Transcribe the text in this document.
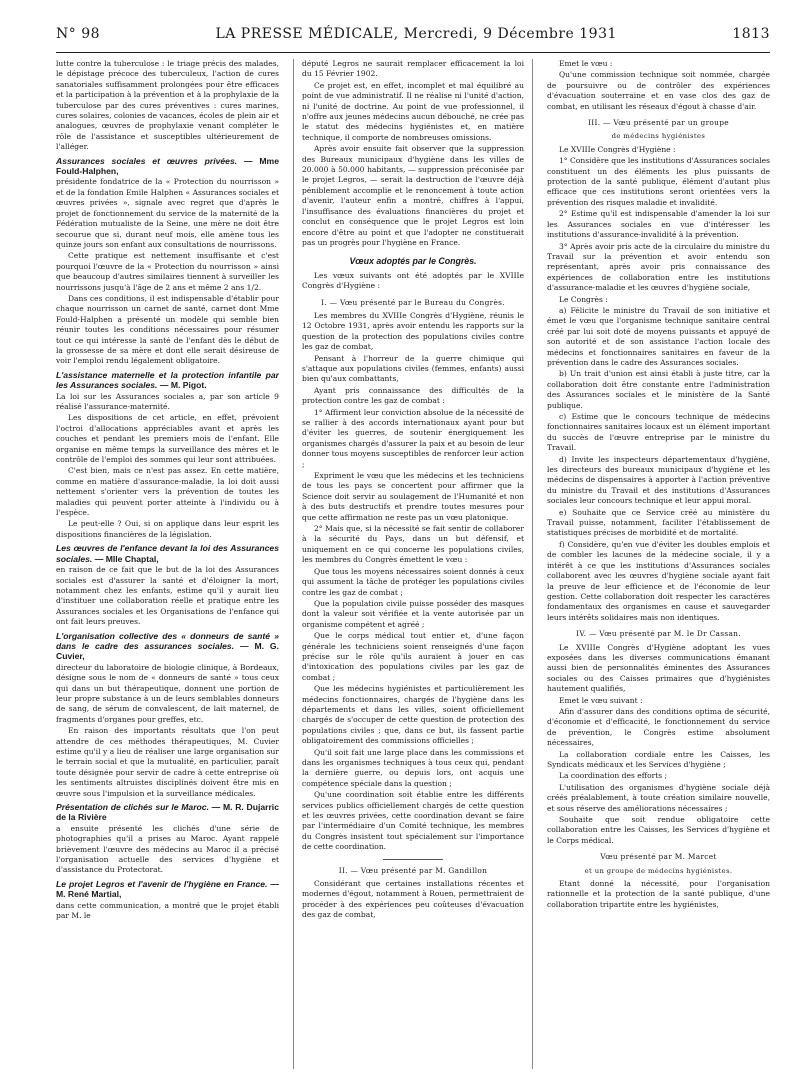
N° 98	LA PRESSE MÉDICALE, Mercredi, 9 Décembre 1931	1813

lutte contre la tuberculose : le triage précis des malades, le dépistage précoce des tuberculeux, l'action de cures sanatoriales suffisamment prolongées pour être efficaces et la participation à la prévention et à la prophylaxie de la tuberculose par des cures préventives : cures marines, cures solaires, colonies de vacances, écoles de plein air et analogues, œuvres de prophylaxie venant compléter le rôle de l'assistance et susceptibles ultérieurement de l'alléger.

Assurances sociales et œuvres privées. — Mme Fould-Halphen,

présidente fondatrice de la « Protection du nourrisson » et de la fondation Emile Halphen « Assurances sociales et œuvres privées », signale avec regret que d'après le projet de fonctionnement du service de la maternité de la Fédération mutualiste de la Seine, une mère ne doit être secourue que si, durant neuf mois, elle amène tous les quinze jours son enfant aux consultations de nourrissons.

Cette pratique est nettement insuffisante et c'est pourquoi l'œuvre de la « Protection du nourrisson » ainsi que beaucoup d'autres similaires tiennent à surveiller les nourrissons jusqu'à l'âge de 2 ans et même 2 ans 1/2.

Dans ces conditions, il est indispensable d'établir pour chaque nourrisson un carnet de santé, carnet dont Mme Fould-Halphen a présenté un modèle qui semble bien réunir toutes les conditions nécessaires pour résumer tout ce qui intéresse la santé de l'enfant dès le début de la grossesse de sa mère et dont elle serait désireuse de voir l'emploi rendu légalement obligatoire.

L'assistance maternelle et la protection infantile par les Assurances sociales. — M. Pigot.

La loi sur les Assurances sociales a, par son article 9 réalisé l'assurance-maternité.

Les dispositions de cet article, en effet, prévoient l'octroi d'allocations appréciables avant et après les couches et pendant les premiers mois de l'enfant. Elle organise en même temps la surveillance des mères et le contrôle de l'emploi des sommes qui leur sont attribuées.

C'est bien, mais ce n'est pas assez. En cette matière, comme en matière d'assurance-maladie, la loi doit aussi nettement s'orienter vers la prévention de toutes les maladies qui peuvent porter atteinte à l'individu ou à l'espèce.

Le peut-elle ? Oui, si on applique dans leur esprit les dispositions financières de la législation.

Les œuvres de l'enfance devant la loi des Assurances sociales. — Mlle Chaptal,

en raison de ce fait que le but de la loi des Assurances sociales est d'assurer la santé et d'éloigner la mort, notamment chez les enfants, estime qu'il y aurait lieu d'instituer une collaboration réelle et pratique entre les Assurances sociales et les Organisations de l'enfance qui ont fait leurs preuves.

L'organisation collective des « donneurs de santé » dans le cadre des assurances sociales. — M. G. Cuvier,

directeur du laboratoire de biologie clinique, à Bordeaux, désigne sous le nom de « donneurs de santé » tous ceux qui dans un but thérapeutique, donnent une portion de leur propre substance à un de leurs semblables donneurs de sang, de sérum de convalescent, de lait maternel, de fragments d'organes pour greffes, etc.

En raison des importants résultats que l'on peut attendre de ces méthodes thérapeutiques, M. Cuvier estime qu'il y a lieu de réaliser une large organisation sur le terrain social et que la mutualité, en particulier, paraît toute désignée pour servir de cadre à cette entreprise où les sentiments altruistes disciplinés doivent être mis en œuvre sous l'impulsion et la surveillance médicales.

Présentation de clichés sur le Maroc. — M. R. Dujarric de la Rivière

a ensuite présenté les clichés d'une série de photographies qu'il a prises au Maroc. Ayant rappelé brièvement l'œuvre des médecins au Maroc il a précisé l'organisation actuelle des services d'hygiène et d'assistance du Protectorat.

Le projet Legros et l'avenir de l'hygiène en France. — M. René Martial,

dans cette communication, a montré que le projet établi par M. le

député Legros ne saurait remplacer efficacement la loi du 15 Février 1902.

Ce projet est, en effet, incomplet et mal équilibré au point de vue administratif. Il ne réalise ni l'unité d'action, ni l'unité de doctrine. Au point de vue professionnel, il n'offre aux jeunes médecins aucun débouché, ne crée pas le statut des médecins hygiénistes et, en matière technique, il comporte de nombreuses omissions.

Après avoir ensuite fait observer que la suppression des Bureaux municipaux d'hygiène dans les villes de 20.000 à 50.000 habitants, — suppression préconisée par le projet Legros, — serait la destruction de l'œuvre déjà péniblement accomplie et le renoncement à toute action d'avenir, l'auteur enfin a montré, chiffres à l'appui, l'insuffisance des évaluations financières du projet et conclut en conséquence que le projet Legros est loin encore d'être au point et que l'adopter ne constituerait pas un progrès pour l'hygiène en France.

Vœux adoptés par le Congrès.

Les vœux suivants ont été adoptés par le XVIIIe Congrès d'Hygiène :

I. — Vœu présenté par le Bureau du Congrès.

Les membres du XVIIIe Congrès d'Hygiène, réunis le 12 Octobre 1931, après avoir entendu les rapports sur la question de la protection des populations civiles contre les gaz de combat,

Pensant à l'horreur de la guerre chimique qui s'attaque aux populations civiles (femmes, enfants) aussi bien qu'aux combattants,

Ayant pris connaissance des difficultés de la protection contre les gaz de combat :

1° Affirment leur conviction absolue de la nécessité de se rallier à des accords internationaux ayant pour but d'éviter les guerres, de soutenir énergiquement les organismes chargés d'assurer la paix et au besoin de leur donner tous moyens susceptibles de renforcer leur action ;

Expriment le vœu que les médecins et les techniciens de tous les pays se concertent pour affirmer que la Science doit servir au soulagement de l'Humanité et non à des buts destructifs et prendre toutes mesures pour que cette affirmation ne reste pas un vœu platonique.

2° Mais que, si la nécessité se fait sentir de collaborer à la sécurité du Pays, dans un but défensif, et uniquement en ce qui concerne les populations civiles, les membres du Congrès émettent le vœu :

Que tous les moyens nécessaires soient donnés à ceux qui assument la tâche de protéger les populations civiles contre les gaz de combat ;

Que la population civile puisse posséder des masques dont la valeur soit vérifiée et la vente autorisée par un organisme compétent et agréé ;

Que le corps médical tout entier et, d'une façon générale les techniciens soient renseignés d'une façon précise sur le rôle qu'ils auraient à jouer en cas d'intoxication des populations civiles par les gaz de combat ;

Que les médecins hygiénistes et particulièrement les médecins fonctionnaires, chargés de l'hygiène dans les départements et dans les villes, soient officiellement chargés de s'occuper de cette question de protection des populations civiles ; que, dans ce but, ils fassent partie obligatoirement des commissions officielles ;

Qu'il soit fait une large place dans les commissions et dans les organismes techniques à tous ceux qui, pendant la dernière guerre, ou depuis lors, ont acquis une compétence spéciale dans la question ;

Qu'une coordination soit établie entre les différents services publics officiellement chargés de cette question et les œuvres privées, cette coordination devant se faire par l'intermédiaire d'un Comité technique, les membres du Congrès insistent tout spécialement sur l'importance de cette coordination.

II. — Vœu présenté par M. Gandillon

Considérant que certaines installations récentes et modernes d'égout, notamment à Rouen, permettraient de procéder à des expériences peu coûteuses d'évacuation des gaz de combat,

Emet le vœu :

Qu'une commission technique soit nommée, chargée de poursuivre ou de contrôler des expériences d'évacuation souterraine et en vase clos des gaz de combat, en utilisant les réseaux d'égout à chasse d'air.

III. — Vœu présenté par un groupe
de médecins hygiénistes

Le XVIIIe Congrès d'Hygiène :

1° Considère que les institutions d'Assurances sociales constituent un des éléments les plus puissants de protection de la santé publique, élément d'autant plus efficace que ces institutions seront orientées vers la prévention des risques maladie et invalidité.

2° Estime qu'il est indispensable d'amender la loi sur les Assurances sociales en vue d'intéresser les institutions d'assurance-invalidité à la prévention.

3° Après avoir pris acte de la circulaire du ministre du Travail sur la prévention et avoir entendu son représentant, après avoir pris connaissance des expériences de collaboration entre les institutions d'assurance-maladie et les œuvres d'hygiène sociale,

Le Congrès :

a) Félicite le ministre du Travail de son initiative et émet le vœu que l'organisme technique sanitaire central créé par lui soit doté de moyens puissants et appuyé de son autorité et de son assistance l'action locale des médecins et fonctionnaires sanitaires en faveur de la prévention dans le cadre des Assurances sociales.

b) Un trait d'union est ainsi établi à juste titre, car la collaboration doit être constante entre l'administration des Assurances sociales et le ministère de la Santé publique.

c) Estime que le concours technique de médecins fonctionnaires sanitaires locaux est un élément important du succès de l'œuvre entreprise par le ministre du Travail.

d) Invite les inspecteurs départementaux d'hygiène, les directeurs des bureaux municipaux d'hygiène et les médecins de dispensaires à apporter à l'action préventive du ministre du Travail et des institutions d'Assurances sociales leur concours technique et leur appui moral.

e) Souhaite que ce Service créé au ministère du Travail puisse, notamment, faciliter l'établissement de statistiques précises de morbidité et de mortalité.

f) Considère, qu'en vue d'éviter les doubles emplois et de combler les lacunes de la médecine sociale, il y a intérêt à ce que les institutions d'Assurances sociales collaborent avec les œuvres d'hygiène sociale ayant fait la preuve de leur efficience et de l'économie de leur gestion. Cette collaboration doit respecter les caractères fondamentaux des organismes en cause et sauvegarder leurs intérêts solidaires mais non identiques.

IV. — Vœu présenté par M. le Dr Cassan.

Le XVIIIe Congrès d'Hygiène adoptant les vues exposées dans les diverses communications émanant aussi bien de personnalités éminentes des Assurances sociales ou des Caisses primaires que d'hygiénistes hautement qualifiés,

Emet le vœu suivant :

Afin d'assurer dans des conditions optima de sécurité, d'économie et d'efficacité, le fonctionnement du service de prévention, le Congrès estime absolument nécessaires,

La collaboration cordiale entre les Caisses, les Syndicats médicaux et les Services d'hygiène ;

La coordination des efforts ;

L'utilisation des organismes d'hygiène sociale déjà créés préalablement, à toute création similaire nouvelle, et sous réserve des améliorations nécessaires ;

Souhaite que soit rendue obligatoire cette collaboration entre les Caisses, les Services d'hygiène et le Corps médical.

Vœu présenté par M. Marcet
et un groupe de médecins hygiénistes.

Etant donné la nécessité, pour l'organisation rationnelle et la protection de la santé publique, d'une collaboration tripartite entre les hygiénistes,
